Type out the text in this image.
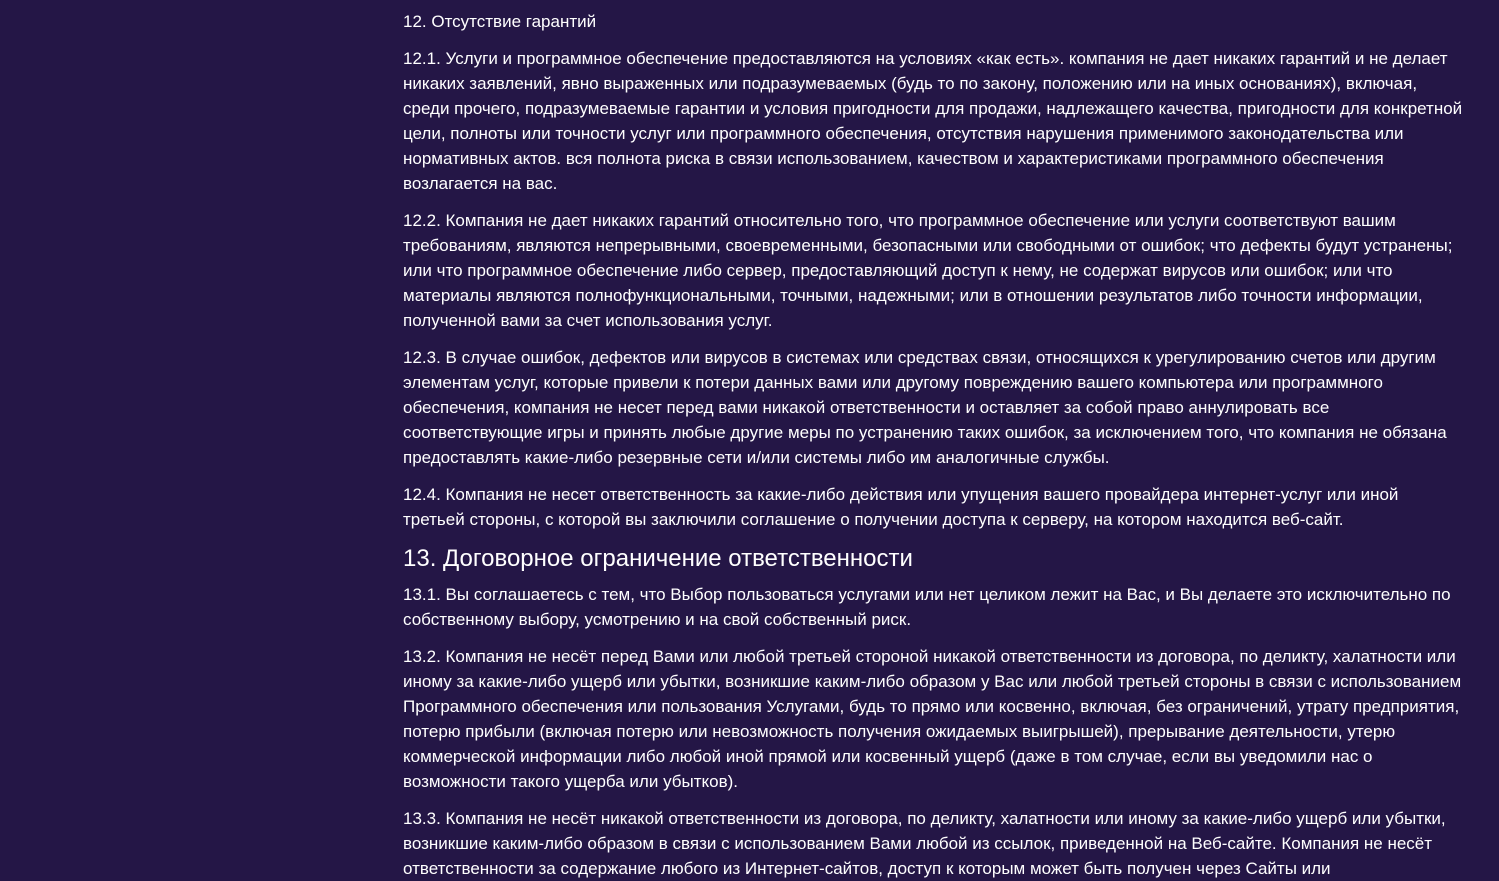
12. Отсутствие гарантий

12.1. Услуги и программное обеспечение предоставляются на условиях «как есть». компания не дает никаких гарантий и не делает никаких заявлений, явно выраженных или подразумеваемых (будь то по закону, положению или на иных основаниях), включая, среди прочего, подразумеваемые гарантии и условия пригодности для продажи, надлежащего качества, пригодности для конкретной цели, полноты или точности услуг или программного обеспечения, отсутствия нарушения применимого законодательства или нормативных актов. вся полнота риска в связи использованием, качеством и характеристиками программного обеспечения возлагается на вас.

12.2. Компания не дает никаких гарантий относительно того, что программное обеспечение или услуги соответствуют вашим требованиям, являются непрерывными, своевременными, безопасными или свободными от ошибок; что дефекты будут устранены; или что программное обеспечение либо сервер, предоставляющий доступ к нему, не содержат вирусов или ошибок; или что материалы являются полнофункциональными, точными, надежными; или в отношении результатов либо точности информации, полученной вами за счет использования услуг.

12.3. В случае ошибок, дефектов или вирусов в системах или средствах связи, относящихся к урегулированию счетов или другим элементам услуг, которые привели к потери данных вами или другому повреждению вашего компьютера или программного обеспечения, компания не несет перед вами никакой ответственности и оставляет за собой право аннулировать все соответствующие игры и принять любые другие меры по устранению таких ошибок, за исключением того, что компания не обязана предоставлять какие-либо резервные сети и/или системы либо им аналогичные службы.

12.4. Компания не несет ответственность за какие-либо действия или упущения вашего провайдера интернет-услуг или иной третьей стороны, с которой вы заключили соглашение о получении доступа к серверу, на котором находится веб-сайт.

13. Договорное ограничение ответственности

13.1. Вы соглашаетесь с тем, что Выбор пользоваться услугами или нет целиком лежит на Вас, и Вы делаете это исключительно по собственному выбору, усмотрению и на свой собственный риск.

13.2. Компания не несёт перед Вами или любой третьей стороной никакой ответственности из договора, по деликту, халатности или иному за какие-либо ущерб или убытки, возникшие каким-либо образом у Вас или любой третьей стороны в связи с использованием Программного обеспечения или пользования Услугами, будь то прямо или косвенно, включая, без ограничений, утрату предприятия, потерю прибыли (включая потерю или невозможность получения ожидаемых выигрышей), прерывание деятельности, утерю коммерческой информации либо любой иной прямой или косвенный ущерб (даже в том случае, если вы уведомили нас о возможности такого ущерба или убытков).

13.3. Компания не несёт никакой ответственности из договора, по деликту, халатности или иному за какие-либо ущерб или убытки, возникшие каким-либо образом в связи с использованием Вами любой из ссылок, приведенной на Веб-сайте. Компания не несёт ответственности за содержание любого из Интернет-сайтов, доступ к которым может быть получен через Сайты или
